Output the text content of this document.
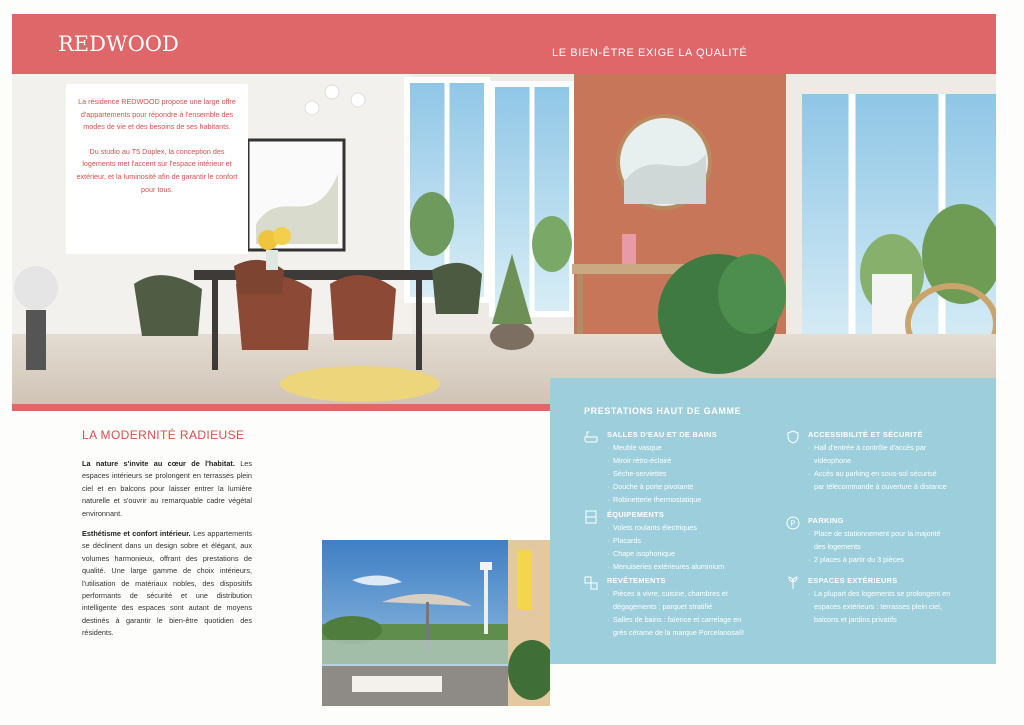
REDWOOD	LE BIEN-ÊTRE EXIGE LA QUALITÉ

La résidence REDWOOD propose une large offre d'appartements pour répondre à l'ensemble des modes de vie et des besoins de ses habitants.

Du studio au T5 Duplex, la conception des logements met l'accent sur l'espace intérieur et extérieur, et la luminosité afin de garantir le confort pour tous.

LA MODERNITÉ RADIEUSE

La nature s'invite au cœur de l'habitat. Les espaces intérieurs se prolongent en terrasses plein ciel et en balcons pour laisser entrer la lumière naturelle et s'ouvrir au remarquable cadre végétal environnant.

Esthétisme et confort intérieur. Les appartements se déclinent dans un design sobre et élégant, aux volumes harmonieux, offrant des prestations de qualité. Une large gamme de choix intérieurs, l'utilisation de matériaux nobles, des dispositifs performants de sécurité et une distribution intelligente des espaces sont autant de moyens destinés à garantir le bien-être quotidien des résidents.

PRESTATIONS HAUT DE GAMME
SALLES D'EAU ET DE BAINS
· Meuble vasque
· Miroir rétro-éclairé
· Sèche-serviettes
· Douche à porte pivotante
· Robinetterie thermostatique
ÉQUIPEMENTS
· Volets roulants électriques
· Placards
· Chape isophonique
· Menuiseries extérieures aluminium
REVÊTEMENTS
· Pièces à vivre, cuisine, chambres et dégagements : parquet stratifié
· Salles de bains : faïence et carrelage en grès cérame de la marque Porcelanosa®
ACCESSIBILITÉ ET SÉCURITÉ
· Hall d'entrée à contrôle d'accès par vidéophone
· Accès au parking en sous-sol sécurisé par télécommande à ouverture à distance
P PARKING
· Place de stationnement pour la majorité des logements
· 2 places à partir du 3 pièces
ESPACES EXTÉRIEURS
· La plupart des logements se prolongent en espaces extérieurs : terrasses plein ciel, balcons et jardins privatifs
